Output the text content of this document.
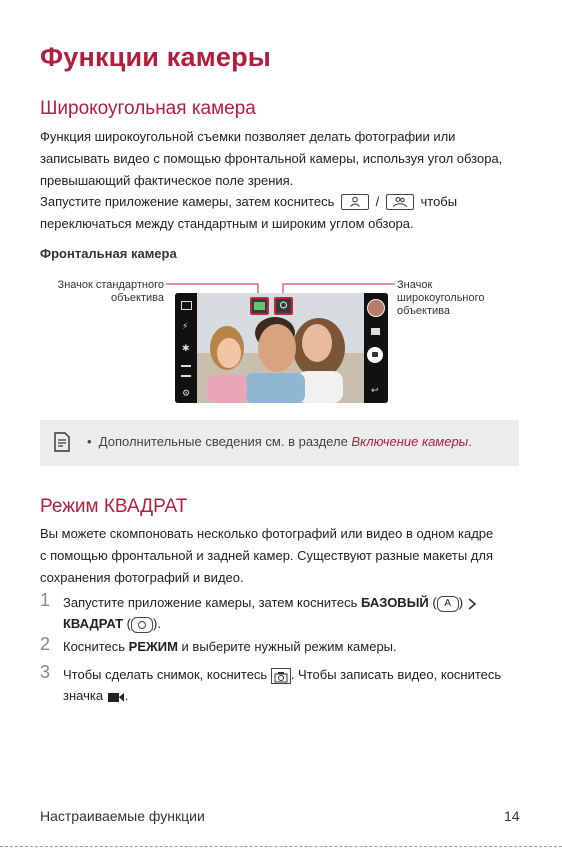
Функции камеры
Широкоугольная камера
Функция широкоугольной съемки позволяет делать фотографии или
записывать видео с помощью фронтальной камеры, используя угол обзора,
превышающий фактическое поле зрения.
Запустите приложение камеры, затем коснитесь	/	чтобы
переключаться между стандартным и широким углом обзора.
Фронтальная камера
Значок стандартного
объектива
Значок
широкоугольного
объектива
⚡
✱
⚙	↩
• Дополнительные сведения см. в разделе Включение камеры.
Режим КВАДРАТ
Вы можете скомпоновать несколько фотографий или видео в одном кадре
с помощью фронтальной и задней камер. Существуют разные макеты для
сохранения фотографий и видео.
1 Запустите приложение камеры, затем коснитесь БАЗОВЫЙ ( A )
КВАДРАТ ( ).
2 Коснитесь РЕЖИМ и выберите нужный режим камеры.
3 Чтобы сделать снимок, коснитесь . Чтобы записать видео, коснитесь
значка .
Настраиваемые функции	14
